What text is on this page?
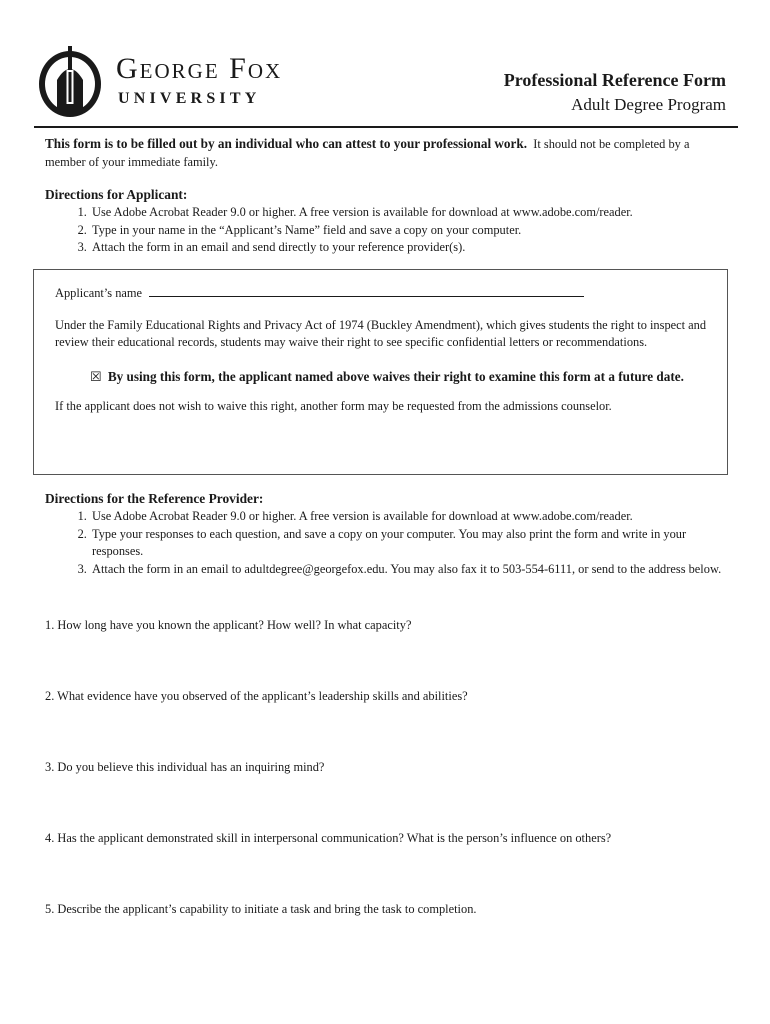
George Fox
UNIVERSITY
Professional Reference Form
Adult Degree Program

This form is to be filled out by an individual who can attest to your professional work. It should not be completed by a member of your immediate family.

Directions for Applicant:
1. Use Adobe Acrobat Reader 9.0 or higher. A free version is available for download at www.adobe.com/reader.
2. Type in your name in the “Applicant’s Name” field and save a copy on your computer.
3. Attach the form in an email and send directly to your reference provider(s).
Applicant’s name
Under the Family Educational Rights and Privacy Act of 1974 (Buckley Amendment), which gives students the right to inspect and review their educational records, students may waive their right to see specific confidential letters or recommendations.
☒ By using this form, the applicant named above waives their right to examine this form at a future date.
If the applicant does not wish to waive this right, another form may be requested from the admissions counselor.
Directions for the Reference Provider:
1. Use Adobe Acrobat Reader 9.0 or higher. A free version is available for download at www.adobe.com/reader.
2. Type your responses to each question, and save a copy on your computer. You may also print the form and write in your responses.
3. Attach the form in an email to adultdegree@georgefox.edu. You may also fax it to 503-554-6111, or send to the address below.
1. How long have you known the applicant? How well? In what capacity?
2. What evidence have you observed of the applicant’s leadership skills and abilities?
3. Do you believe this individual has an inquiring mind?
4. Has the applicant demonstrated skill in interpersonal communication? What is the person’s influence on others?
5. Describe the applicant’s capability to initiate a task and bring the task to completion.
